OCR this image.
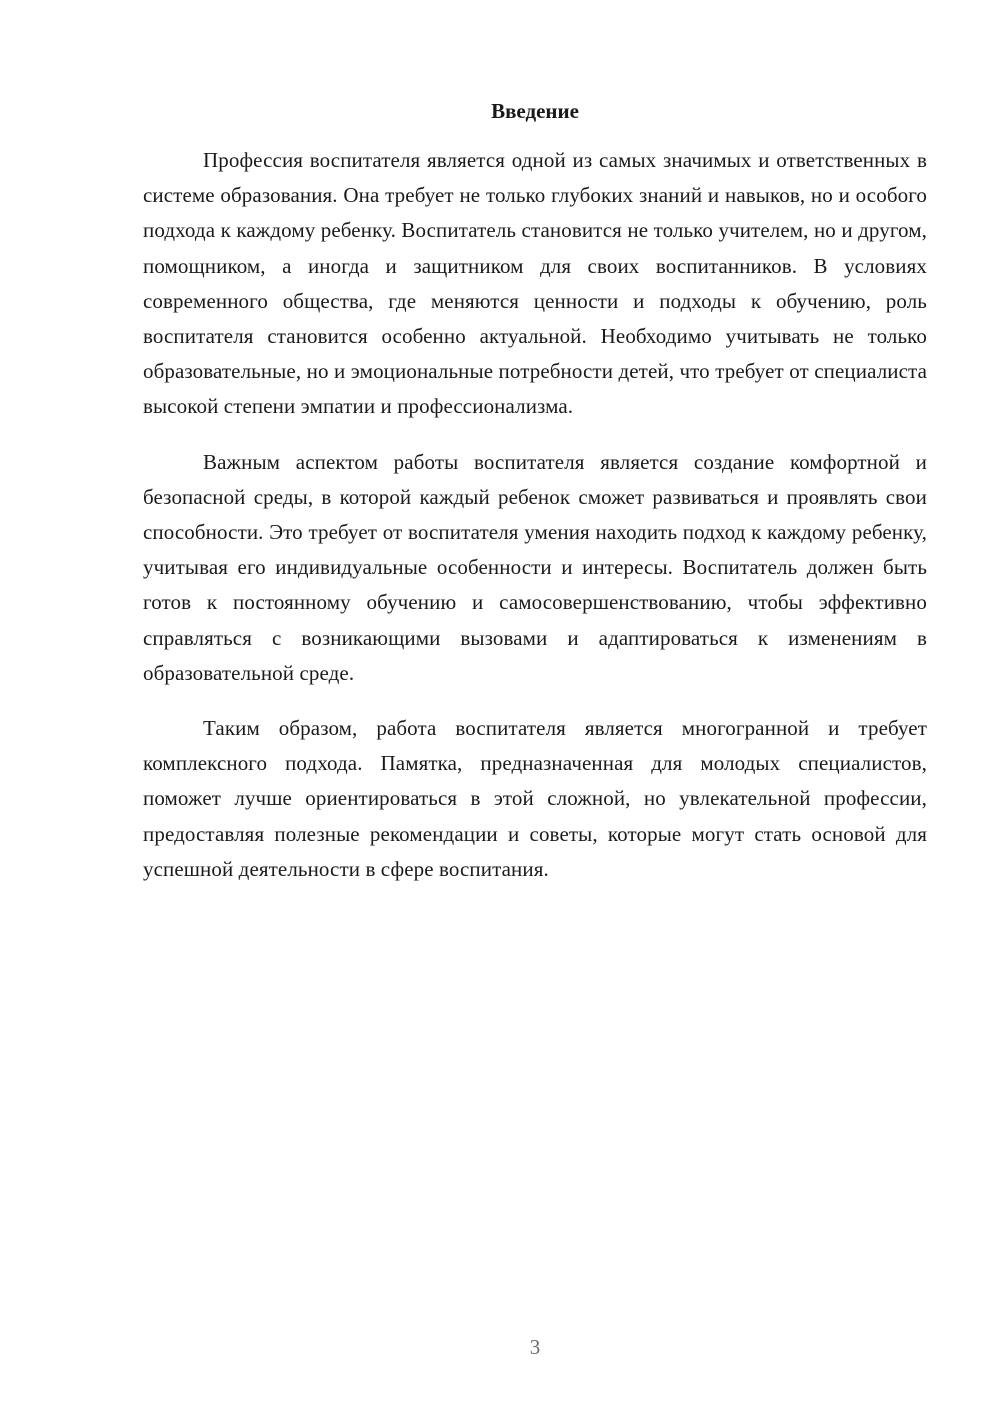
Введение

Профессия воспитателя является одной из самых значимых и ответственных в системе образования. Она требует не только глубоких знаний и навыков, но и особого подхода к каждому ребенку. Воспитатель становится не только учителем, но и другом, помощником, а иногда и защитником для своих воспитанников. В условиях современного общества, где меняются ценности и подходы к обучению, роль воспитателя становится особенно актуальной. Необходимо учитывать не только образовательные, но и эмоциональные потребности детей, что требует от специалиста высокой степени эмпатии и профессионализма.

Важным аспектом работы воспитателя является создание комфортной и безопасной среды, в которой каждый ребенок сможет развиваться и проявлять свои способности. Это требует от воспитателя умения находить подход к каждому ребенку, учитывая его индивидуальные особенности и интересы. Воспитатель должен быть готов к постоянному обучению и самосовершенствованию, чтобы эффективно справляться с возникающими вызовами и адаптироваться к изменениям в образовательной среде.

Таким образом, работа воспитателя является многогранной и требует комплексного подхода. Памятка, предназначенная для молодых специалистов, поможет лучше ориентироваться в этой сложной, но увлекательной профессии, предоставляя полезные рекомендации и советы, которые могут стать основой для успешной деятельности в сфере воспитания.

3
